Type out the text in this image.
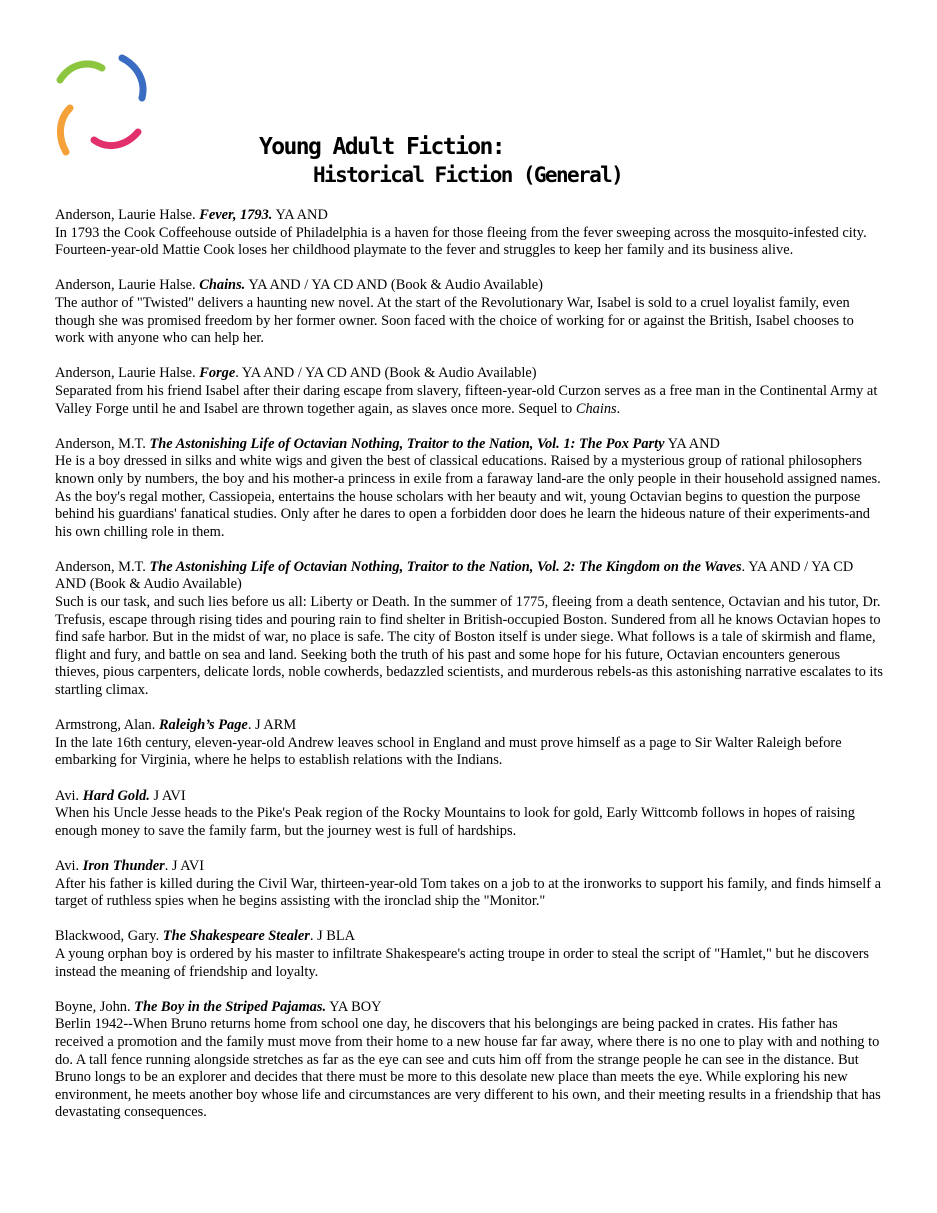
Young Adult Fiction:
Historical Fiction (General)

Anderson, Laurie Halse. Fever, 1793. YA AND

In 1793 the Cook Coffeehouse outside of Philadelphia is a haven for those fleeing from the fever sweeping across the mosquito-infested city. Fourteen-year-old Mattie Cook loses her childhood playmate to the fever and struggles to keep her family and its business alive.

Anderson, Laurie Halse. Chains. YA AND / YA CD AND (Book & Audio Available)

The author of "Twisted" delivers a haunting new novel. At the start of the Revolutionary War, Isabel is sold to a cruel loyalist family, even though she was promised freedom by her former owner. Soon faced with the choice of working for or against the British, Isabel chooses to work with anyone who can help her.

Anderson, Laurie Halse. Forge. YA AND / YA CD AND (Book & Audio Available)

Separated from his friend Isabel after their daring escape from slavery, fifteen-year-old Curzon serves as a free man in the Continental Army at Valley Forge until he and Isabel are thrown together again, as slaves once more. Sequel to Chains.

Anderson, M.T. The Astonishing Life of Octavian Nothing, Traitor to the Nation, Vol. 1: The Pox Party YA AND

He is a boy dressed in silks and white wigs and given the best of classical educations. Raised by a mysterious group of rational philosophers known only by numbers, the boy and his mother-a princess in exile from a faraway land-are the only people in their household assigned names. As the boy's regal mother, Cassiopeia, entertains the house scholars with her beauty and wit, young Octavian begins to question the purpose behind his guardians' fanatical studies. Only after he dares to open a forbidden door does he learn the hideous nature of their experiments-and his own chilling role in them.

Anderson, M.T. The Astonishing Life of Octavian Nothing, Traitor to the Nation, Vol. 2: The Kingdom on the Waves. YA AND / YA CD AND (Book & Audio Available)

Such is our task, and such lies before us all: Liberty or Death. In the summer of 1775, fleeing from a death sentence, Octavian and his tutor, Dr. Trefusis, escape through rising tides and pouring rain to find shelter in British-occupied Boston. Sundered from all he knows Octavian hopes to find safe harbor. But in the midst of war, no place is safe. The city of Boston itself is under siege. What follows is a tale of skirmish and flame, flight and fury, and battle on sea and land. Seeking both the truth of his past and some hope for his future, Octavian encounters generous thieves, pious carpenters, delicate lords, noble cowherds, bedazzled scientists, and murderous rebels-as this astonishing narrative escalates to its startling climax.

Armstrong, Alan. Raleigh’s Page. J ARM

In the late 16th century, eleven-year-old Andrew leaves school in England and must prove himself as a page to Sir Walter Raleigh before embarking for Virginia, where he helps to establish relations with the Indians.

Avi. Hard Gold. J AVI

When his Uncle Jesse heads to the Pike's Peak region of the Rocky Mountains to look for gold, Early Wittcomb follows in hopes of raising enough money to save the family farm, but the journey west is full of hardships.

Avi. Iron Thunder. J AVI

After his father is killed during the Civil War, thirteen-year-old Tom takes on a job to at the ironworks to support his family, and finds himself a target of ruthless spies when he begins assisting with the ironclad ship the "Monitor."

Blackwood, Gary. The Shakespeare Stealer. J BLA

A young orphan boy is ordered by his master to infiltrate Shakespeare's acting troupe in order to steal the script of "Hamlet," but he discovers instead the meaning of friendship and loyalty.

Boyne, John. The Boy in the Striped Pajamas. YA BOY

Berlin 1942--When Bruno returns home from school one day, he discovers that his belongings are being packed in crates. His father has received a promotion and the family must move from their home to a new house far far away, where there is no one to play with and nothing to do. A tall fence running alongside stretches as far as the eye can see and cuts him off from the strange people he can see in the distance. But Bruno longs to be an explorer and decides that there must be more to this desolate new place than meets the eye. While exploring his new environment, he meets another boy whose life and circumstances are very different to his own, and their meeting results in a friendship that has devastating consequences.
